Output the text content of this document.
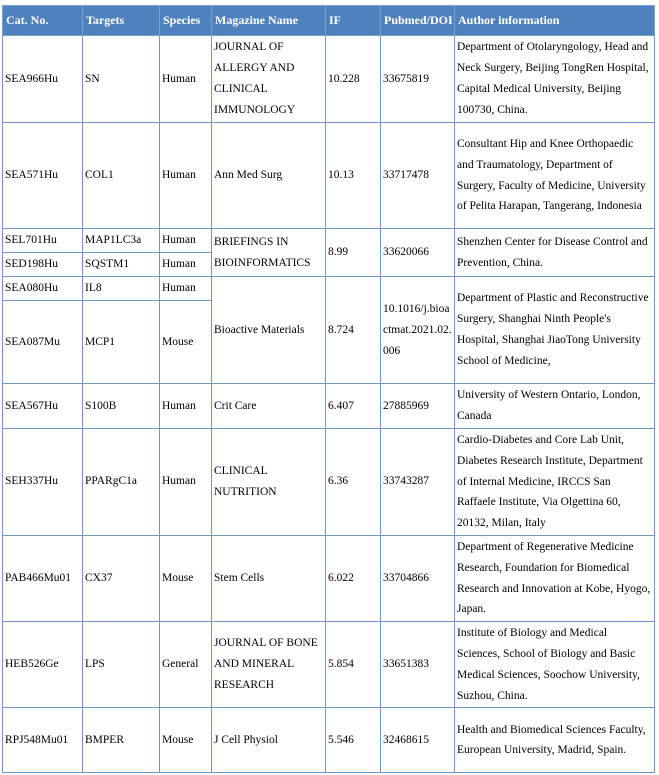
Cat. No.	Targets	Species	Magazine Name	IF	Pubmed/DOI	Author information
SEA966Hu	SN	Human	JOURNAL OF ALLERGY AND CLINICAL IMMUNOLOGY	10.228	33675819	Department of Otolaryngology, Head and Neck Surgery, Beijing TongRen Hospital, Capital Medical University, Beijing 100730, China.
SEA571Hu	COL1	Human	Ann Med Surg	10.13	33717478	Consultant Hip and Knee Orthopaedic and Traumatology, Department of Surgery, Faculty of Medicine, University of Pelita Harapan, Tangerang, Indonesia
SEL701Hu	MAP1LC3a	Human	BRIEFINGS IN BIOINFORMATICS	8.99	33620066	Shenzhen Center for Disease Control and Prevention, China.
SED198Hu	SQSTM1	Human				
SEA080Hu	IL8	Human	Bioactive Materials	8.724	10.1016/j.bioactmat.2021.02.006	Department of Plastic and Reconstructive Surgery, Shanghai Ninth People's Hospital, Shanghai JiaoTong University School of Medicine,
SEA087Mu	MCP1	Mouse				
SEA567Hu	S100B	Human	Crit Care	6.407	27885969	University of Western Ontario, London, Canada
SEH337Hu	PPARgC1a	Human	CLINICAL NUTRITION	6.36	33743287	Cardio-Diabetes and Core Lab Unit, Diabetes Research Institute, Department of Internal Medicine, IRCCS San Raffaele Institute, Via Olgettina 60, 20132, Milan, Italy
PAB466Mu01	CX37	Mouse	Stem Cells	6.022	33704866	Department of Regenerative Medicine Research, Foundation for Biomedical Research and Innovation at Kobe, Hyogo, Japan.
HEB526Ge	LPS	General	JOURNAL OF BONE AND MINERAL RESEARCH	5.854	33651383	Institute of Biology and Medical Sciences, School of Biology and Basic Medical Sciences, Soochow University, Suzhou, China.
RPJ548Mu01	BMPER	Mouse	J Cell Physiol	5.546	32468615	Health and Biomedical Sciences Faculty, European University, Madrid, Spain.
